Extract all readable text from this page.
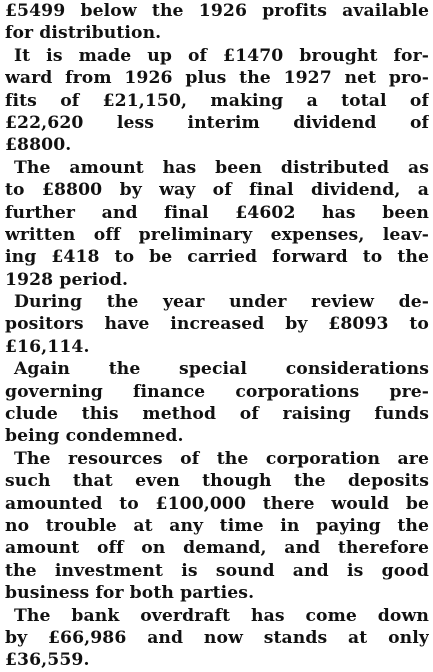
£5499 below the 1926 profits available
for distribution.
It is made up of £1470 brought for-
ward from 1926 plus the 1927 net pro-
fits of £21,150, making a total of
£22,620 less interim dividend of
£8800.
The amount has been distributed as
to £8800 by way of final dividend, a
further and final £4602 has been
written off preliminary expenses, leav-
ing £418 to be carried forward to the
1928 period.
During the year under review de-
positors have increased by £8093 to
£16,114.
Again the special considerations
governing finance corporations pre-
clude this method of raising funds
being condemned.
The resources of the corporation are
such that even though the deposits
amounted to £100,000 there would be
no trouble at any time in paying the
amount off on demand, and therefore
the investment is sound and is good
business for both parties.
The bank overdraft has come down
by £66,986 and now stands at only
£36,559.
